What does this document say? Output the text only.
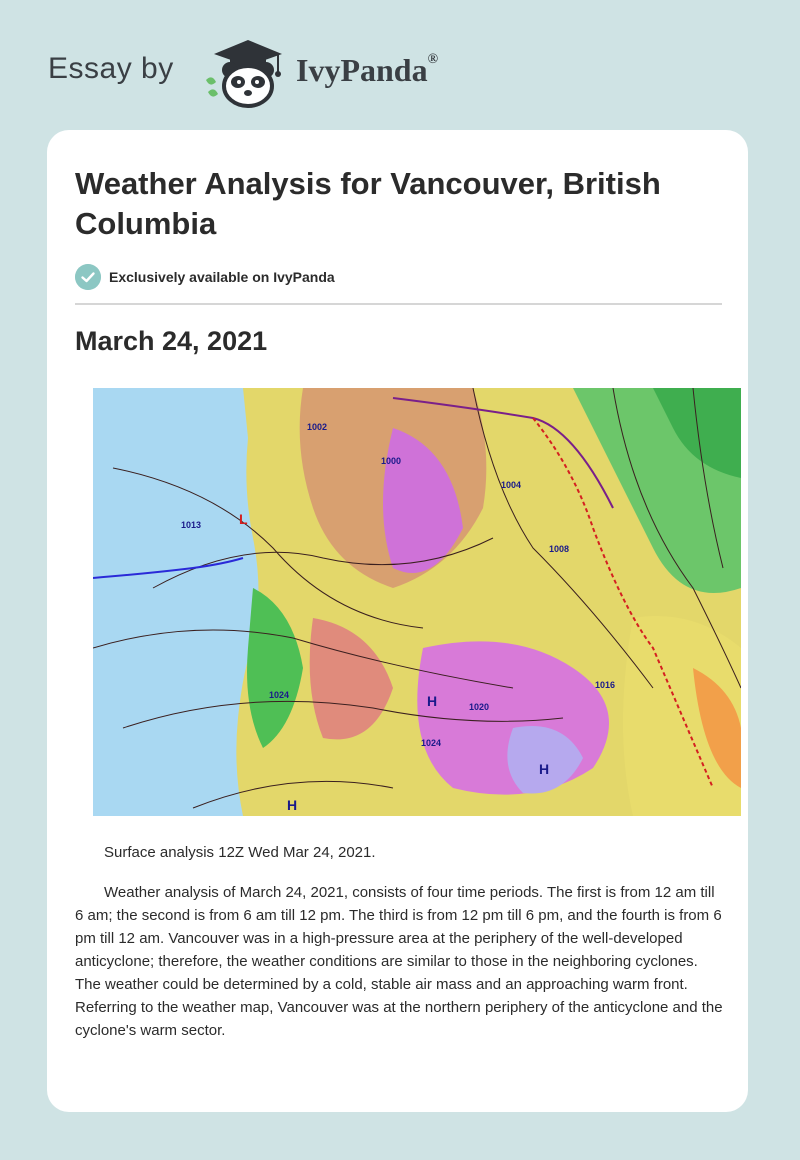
Essay by	IvyPanda®
Weather Analysis for Vancouver, British Columbia
Exclusively available on IvyPanda
March 24, 2021
1002
1000
1004
1008
1013
1016
1020
1024
1024
L
H
H
H
Surface analysis 12Z Wed Mar 24, 2021.

Weather analysis of March 24, 2021, consists of four time periods. The first is from 12 am till 6 am; the second is from 6 am till 12 pm. The third is from 12 pm till 6 pm, and the fourth is from 6 pm till 12 am. Vancouver was in a high-pressure area at the periphery of the well-developed anticyclone; therefore, the weather conditions are similar to those in the neighboring cyclones. The weather could be determined by a cold, stable air mass and an approaching warm front. Referring to the weather map, Vancouver was at the northern periphery of the anticyclone and the cyclone's warm sector.
